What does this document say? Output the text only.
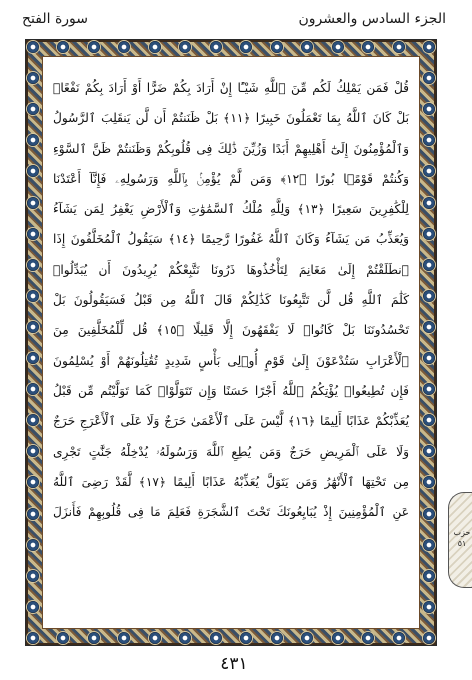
الجزء السادس والعشرون
سورة الفتح
قُلْ فَمَن يَمْلِكُ لَكُم مِّنَ ٱللَّهِ شَيْـًٔا إِنْ أَرَادَ بِكُمْ ضَرًّا أَوْ أَرَادَ بِكُمْ نَفْعًاۢ
بَلْ كَانَ ٱللَّهُ بِمَا تَعْمَلُونَ خَبِيرًا ﴿١١﴾ بَلْ ظَنَنتُمْ أَن لَّن يَنقَلِبَ ٱلرَّسُولُ
وَٱلْمُؤْمِنُونَ إِلَىٰٓ أَهْلِيهِمْ أَبَدًا وَزُيِّنَ ذَٰلِكَ فِى قُلُوبِكُمْ وَظَنَنتُمْ ظَنَّ ٱلسَّوْءِ
وَكُنتُمْ قَوْمًۢا بُورًا ﴿١٢﴾ وَمَن لَّمْ يُؤْمِنۢ بِٱللَّهِ وَرَسُولِهِۦ فَإِنَّآ أَعْتَدْنَا
لِلْكَٰفِرِينَ سَعِيرًا ﴿١٣﴾ وَلِلَّهِ مُلْكُ ٱلسَّمَٰوَٰتِ وَٱلْأَرْضِ يَغْفِرُ لِمَن يَشَآءُ
وَيُعَذِّبُ مَن يَشَآءُ وَكَانَ ٱللَّهُ غَفُورًا رَّحِيمًا ﴿١٤﴾ سَيَقُولُ ٱلْمُخَلَّفُونَ إِذَا
ٱنطَلَقْتُمْ إِلَىٰ مَغَانِمَ لِتَأْخُذُوهَا ذَرُونَا نَتَّبِعْكُمْ يُرِيدُونَ أَن يُبَدِّلُوا۟
كَلَٰمَ ٱللَّهِ قُل لَّن تَتَّبِعُونَا كَذَٰلِكُمْ قَالَ ٱللَّهُ مِن قَبْلُ فَسَيَقُولُونَ بَلْ
تَحْسُدُونَنَا بَلْ كَانُوا۟ لَا يَفْقَهُونَ إِلَّا قَلِيلًا ﴿١٥﴾ قُل لِّلْمُخَلَّفِينَ مِنَ
ٱلْأَعْرَابِ سَتُدْعَوْنَ إِلَىٰ قَوْمٍ أُو۟لِى بَأْسٍ شَدِيدٍ تُقَٰتِلُونَهُمْ أَوْ يُسْلِمُونَ
فَإِن تُطِيعُوا۟ يُؤْتِكُمُ ٱللَّهُ أَجْرًا حَسَنًا وَإِن تَتَوَلَّوْا۟ كَمَا تَوَلَّيْتُم مِّن قَبْلُ
يُعَذِّبْكُمْ عَذَابًا أَلِيمًا ﴿١٦﴾ لَّيْسَ عَلَى ٱلْأَعْمَىٰ حَرَجٌ وَلَا عَلَى ٱلْأَعْرَجِ حَرَجٌ
وَلَا عَلَى ٱلْمَرِيضِ حَرَجٌ وَمَن يُطِعِ ٱللَّهَ وَرَسُولَهُۥ يُدْخِلْهُ جَنَّٰتٍ تَجْرِى
مِن تَحْتِهَا ٱلْأَنْهَٰرُ وَمَن يَتَوَلَّ يُعَذِّبْهُ عَذَابًا أَلِيمًا ﴿١٧﴾ لَّقَدْ رَضِىَ ٱللَّهُ
عَنِ ٱلْمُؤْمِنِينَ إِذْ يُبَايِعُونَكَ تَحْتَ ٱلشَّجَرَةِ فَعَلِمَ مَا فِى قُلُوبِهِمْ فَأَنزَلَ
حزب
٥١
٤٣١
